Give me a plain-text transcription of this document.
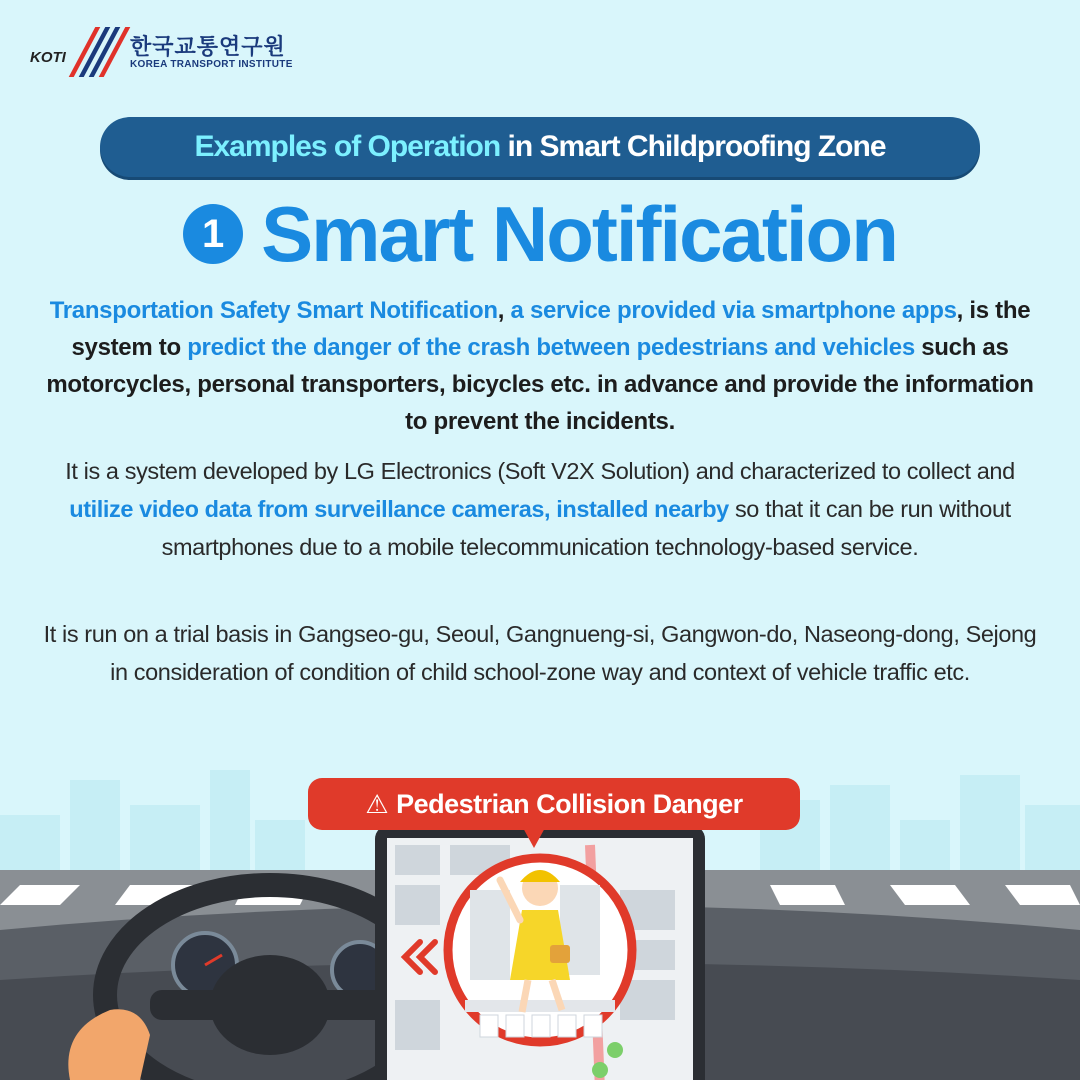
KOTI	한국교통연구원
KOREA TRANSPORT INSTITUTE
Examples of Operation in Smart Childproofing Zone
1 Smart Notification
Transportation Safety Smart Notification, a service provided via smartphone apps, is the system to predict the danger of the crash between pedestrians and vehicles such as motorcycles, personal transporters, bicycles etc. in advance and provide the information to prevent the incidents.
It is a system developed by LG Electronics (Soft V2X Solution) and characterized to collect and utilize video data from surveillance cameras, installed nearby so that it can be run without smartphones due to a mobile telecommunication technology-based service.
It is run on a trial basis in Gangseo-gu, Seoul, Gangnueng-si, Gangwon-do, Naseong-dong, Sejong in consideration of condition of child school-zone way and context of vehicle traffic etc.
⚠ Pedestrian Collision Danger
